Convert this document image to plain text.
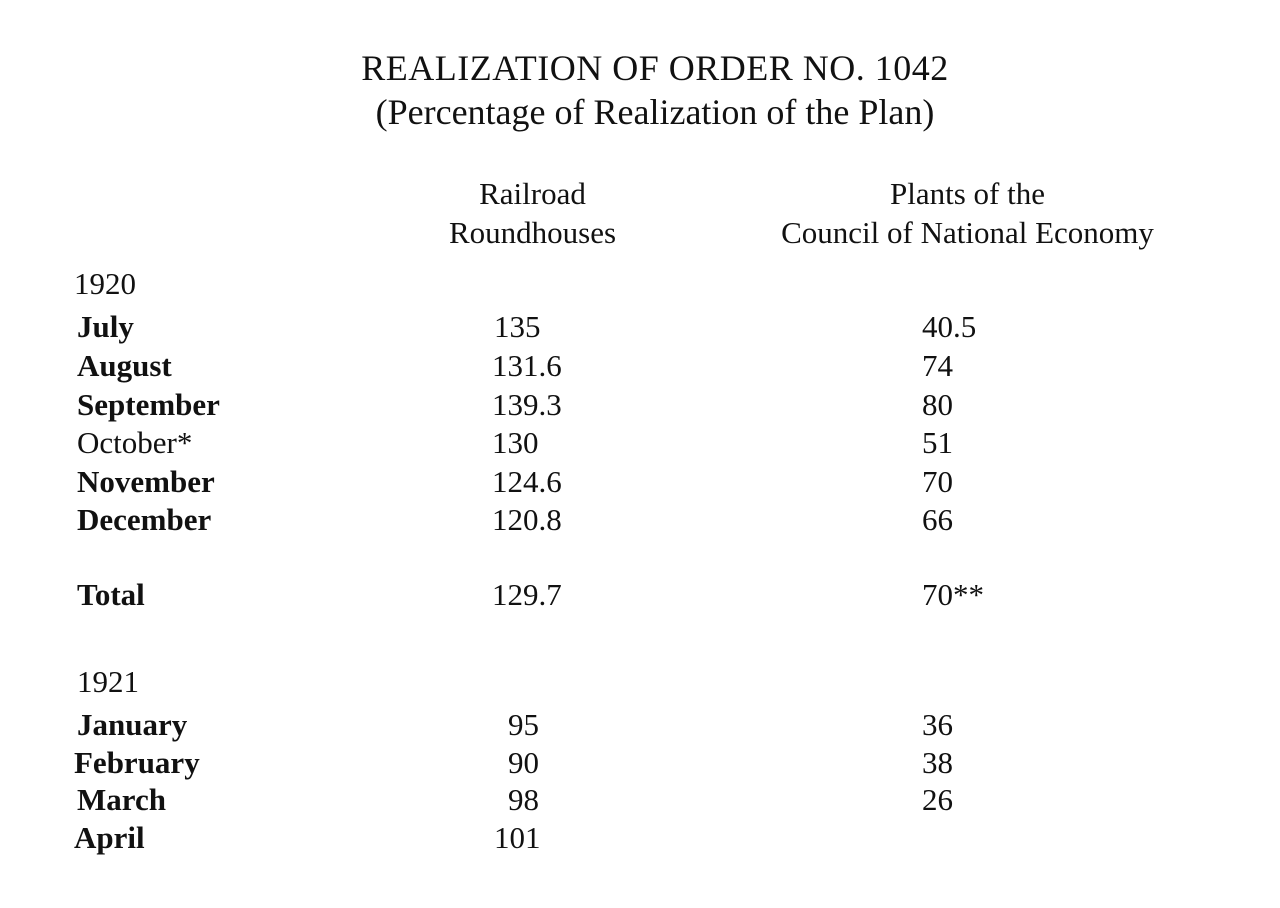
REALIZATION OF ORDER NO. 1042
(Percentage of Realization of the Plan)
Railroad
Roundhouses
Plants of the
Council of National Economy
1920
July	135	40.5
August	131.6	74
September	139.3	80
October*	130	51
November	124.6	70
December	120.8	66
Total	129.7	70**
1921
January	95	36
February	90	38
March	98	26
April	101
